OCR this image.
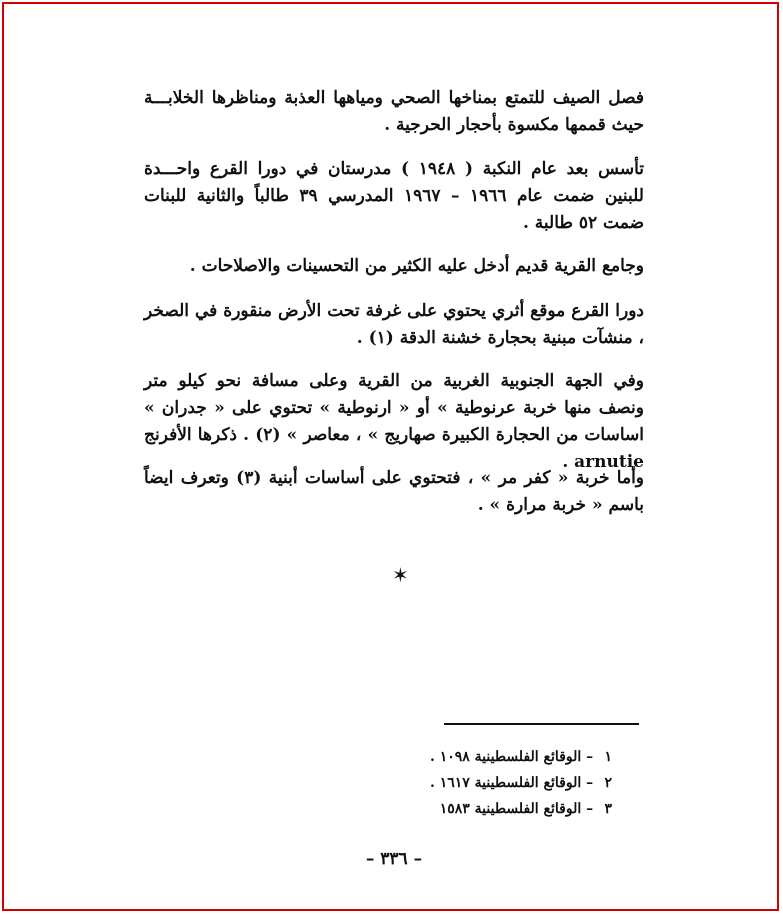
فصل الصيف للتمتع بمناخها الصحي ومياهها العذبة ومناظرها الخلابـــة حيث قممها مكسوة بأحجار الحرجية .
تأسس بعد عام النكبة ( ١٩٤٨ ) مدرستان في دورا القرع واحـــدة للبنين ضمت عام ١٩٦٦ – ١٩٦٧ المدرسي ٣٩ طالباً والثانية للبنات ضمت ٥٢ طالبة .
وجامع القرية قديم أدخل عليه الكثير من التحسينات والاصلاحات .
دورا القرع موقع أثري يحتوي على غرفة تحت الأرض منقورة في الصخر ، منشآت مبنية بحجارة خشنة الدقة (١) .
وفي الجهة الجنوبية الغربية من القرية وعلى مسافة نحو كيلو متر ونصف منها خربة عرنوطية » أو « ارنوطية » تحتوي على « جدران » اساسات من الحجارة الكبيرة صهاريج » ، معاصر » (٢) . ذكرها الأفرنج arnutie .
وأما خربة « كفر مر » ، فتحتوي على أساسات أبنية (٣) وتعرف ايضاً باسم « خربة مرارة » .
✶
١ – الوقائع الفلسطينية ١٠٩٨ .
٢ – الوقائع الفلسطينية ١٦١٧ .
٣ – الوقائع الفلسطينية ١٥٨٣
– ٣٣٦ –
